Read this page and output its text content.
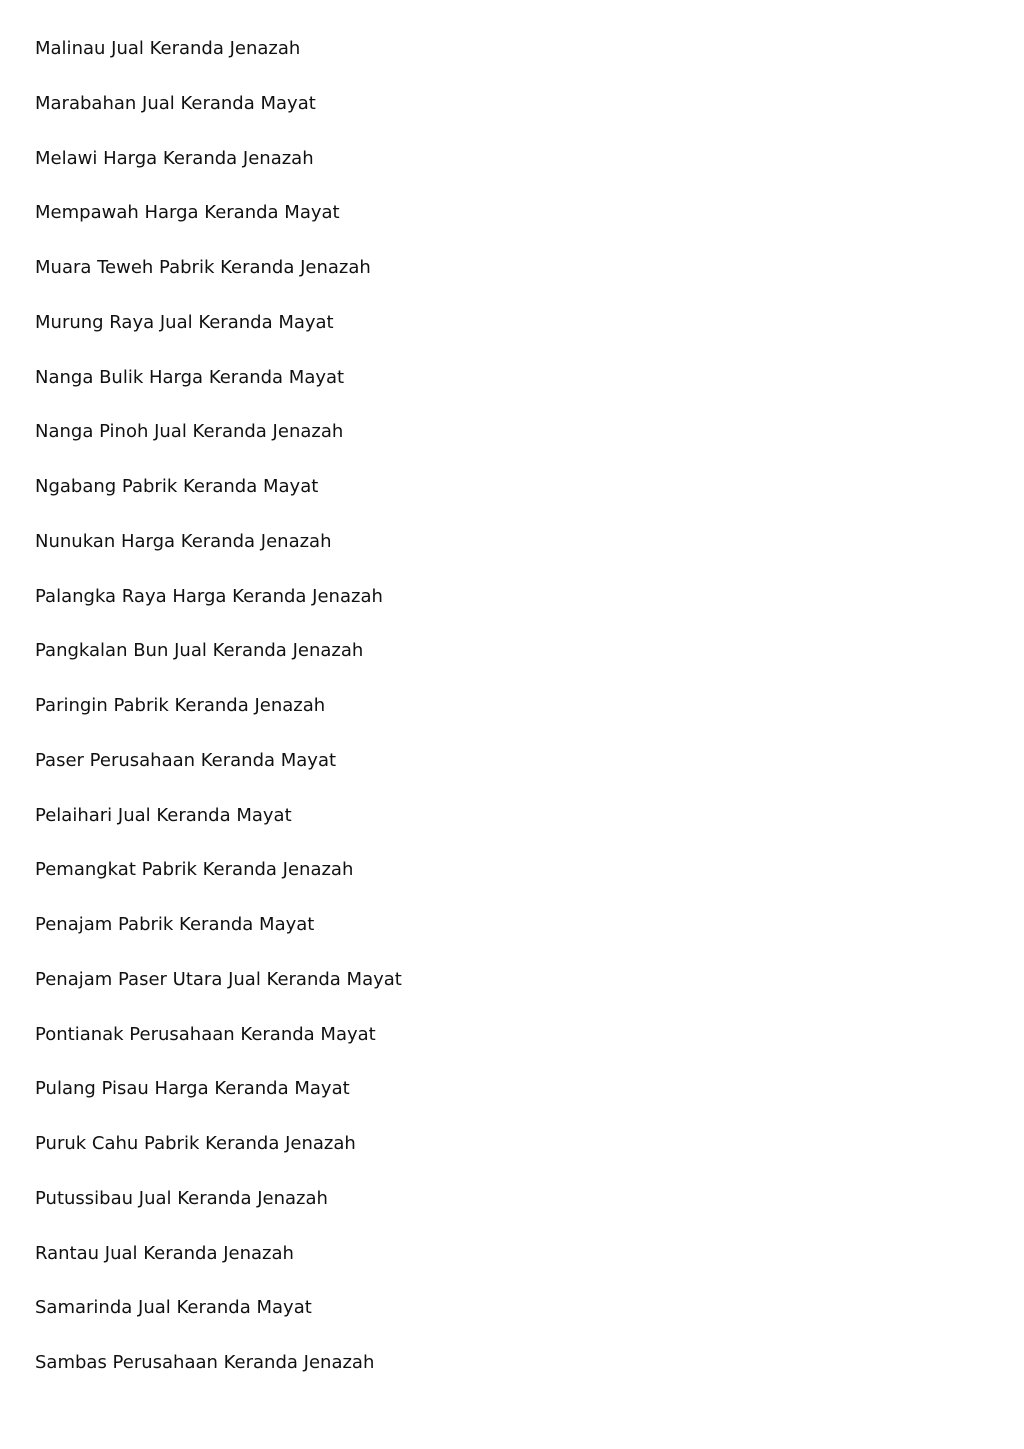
Malinau Jual Keranda Jenazah
Marabahan Jual Keranda Mayat
Melawi Harga Keranda Jenazah
Mempawah Harga Keranda Mayat
Muara Teweh Pabrik Keranda Jenazah
Murung Raya Jual Keranda Mayat
Nanga Bulik Harga Keranda Mayat
Nanga Pinoh Jual Keranda Jenazah
Ngabang Pabrik Keranda Mayat
Nunukan Harga Keranda Jenazah
Palangka Raya Harga Keranda Jenazah
Pangkalan Bun Jual Keranda Jenazah
Paringin Pabrik Keranda Jenazah
Paser Perusahaan Keranda Mayat
Pelaihari Jual Keranda Mayat
Pemangkat Pabrik Keranda Jenazah
Penajam Pabrik Keranda Mayat
Penajam Paser Utara Jual Keranda Mayat
Pontianak Perusahaan Keranda Mayat
Pulang Pisau Harga Keranda Mayat
Puruk Cahu Pabrik Keranda Jenazah
Putussibau Jual Keranda Jenazah
Rantau Jual Keranda Jenazah
Samarinda Jual Keranda Mayat
Sambas Perusahaan Keranda Jenazah
